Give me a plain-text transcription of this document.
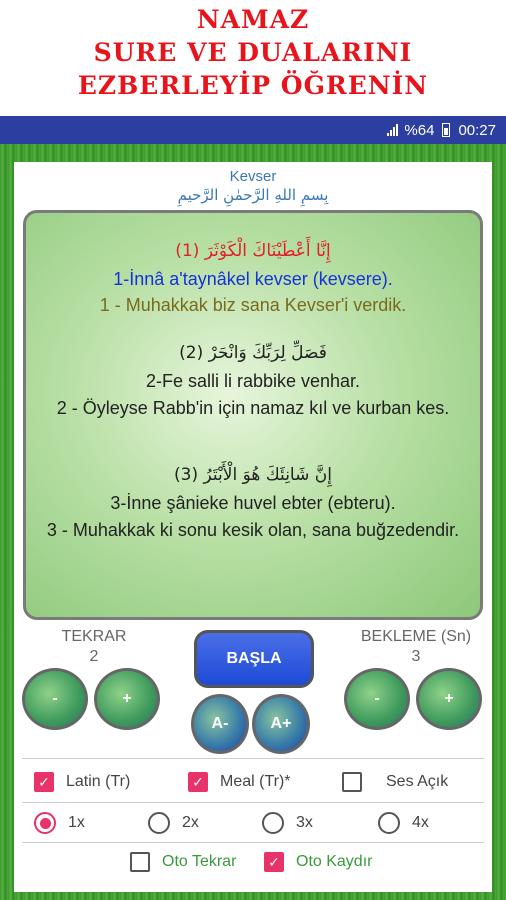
NAMAZ
SURE VE DUALARINI
EZBERLEYİP ÖĞRENİN
%64 00:27
Kevser
بِسمِ اللهِ الرَّحمٰنِ الرَّحيمِ
إِنَّا أَعْطَيْنَاكَ الْكَوْثَرَ (1)
1-İnnâ a'taynâkel kevser (kevsere).
1 - Muhakkak biz sana Kevser'i verdik.
فَصَلِّ لِرَبِّكَ وَانْحَرْ (2)
2-Fe salli li rabbike venhar.
2 - Öyleyse Rabb'in için namaz kıl ve kurban kes.
إِنَّ شَانِئَكَ هُوَ الْأَبْتَرُ (3)
3-İnne şânieke huvel ebter (ebteru).
3 - Muhakkak ki sonu kesik olan, sana buğzedendir.
TEKRAR
2
BEKLEME (Sn)
3
-	+
BAŞLA
A-	A+
-	+
✓ Latin (Tr)	✓ Meal (Tr)*	Ses Açık
1x	2x	3x	4x
Oto Tekrar ✓ Oto Kaydır
